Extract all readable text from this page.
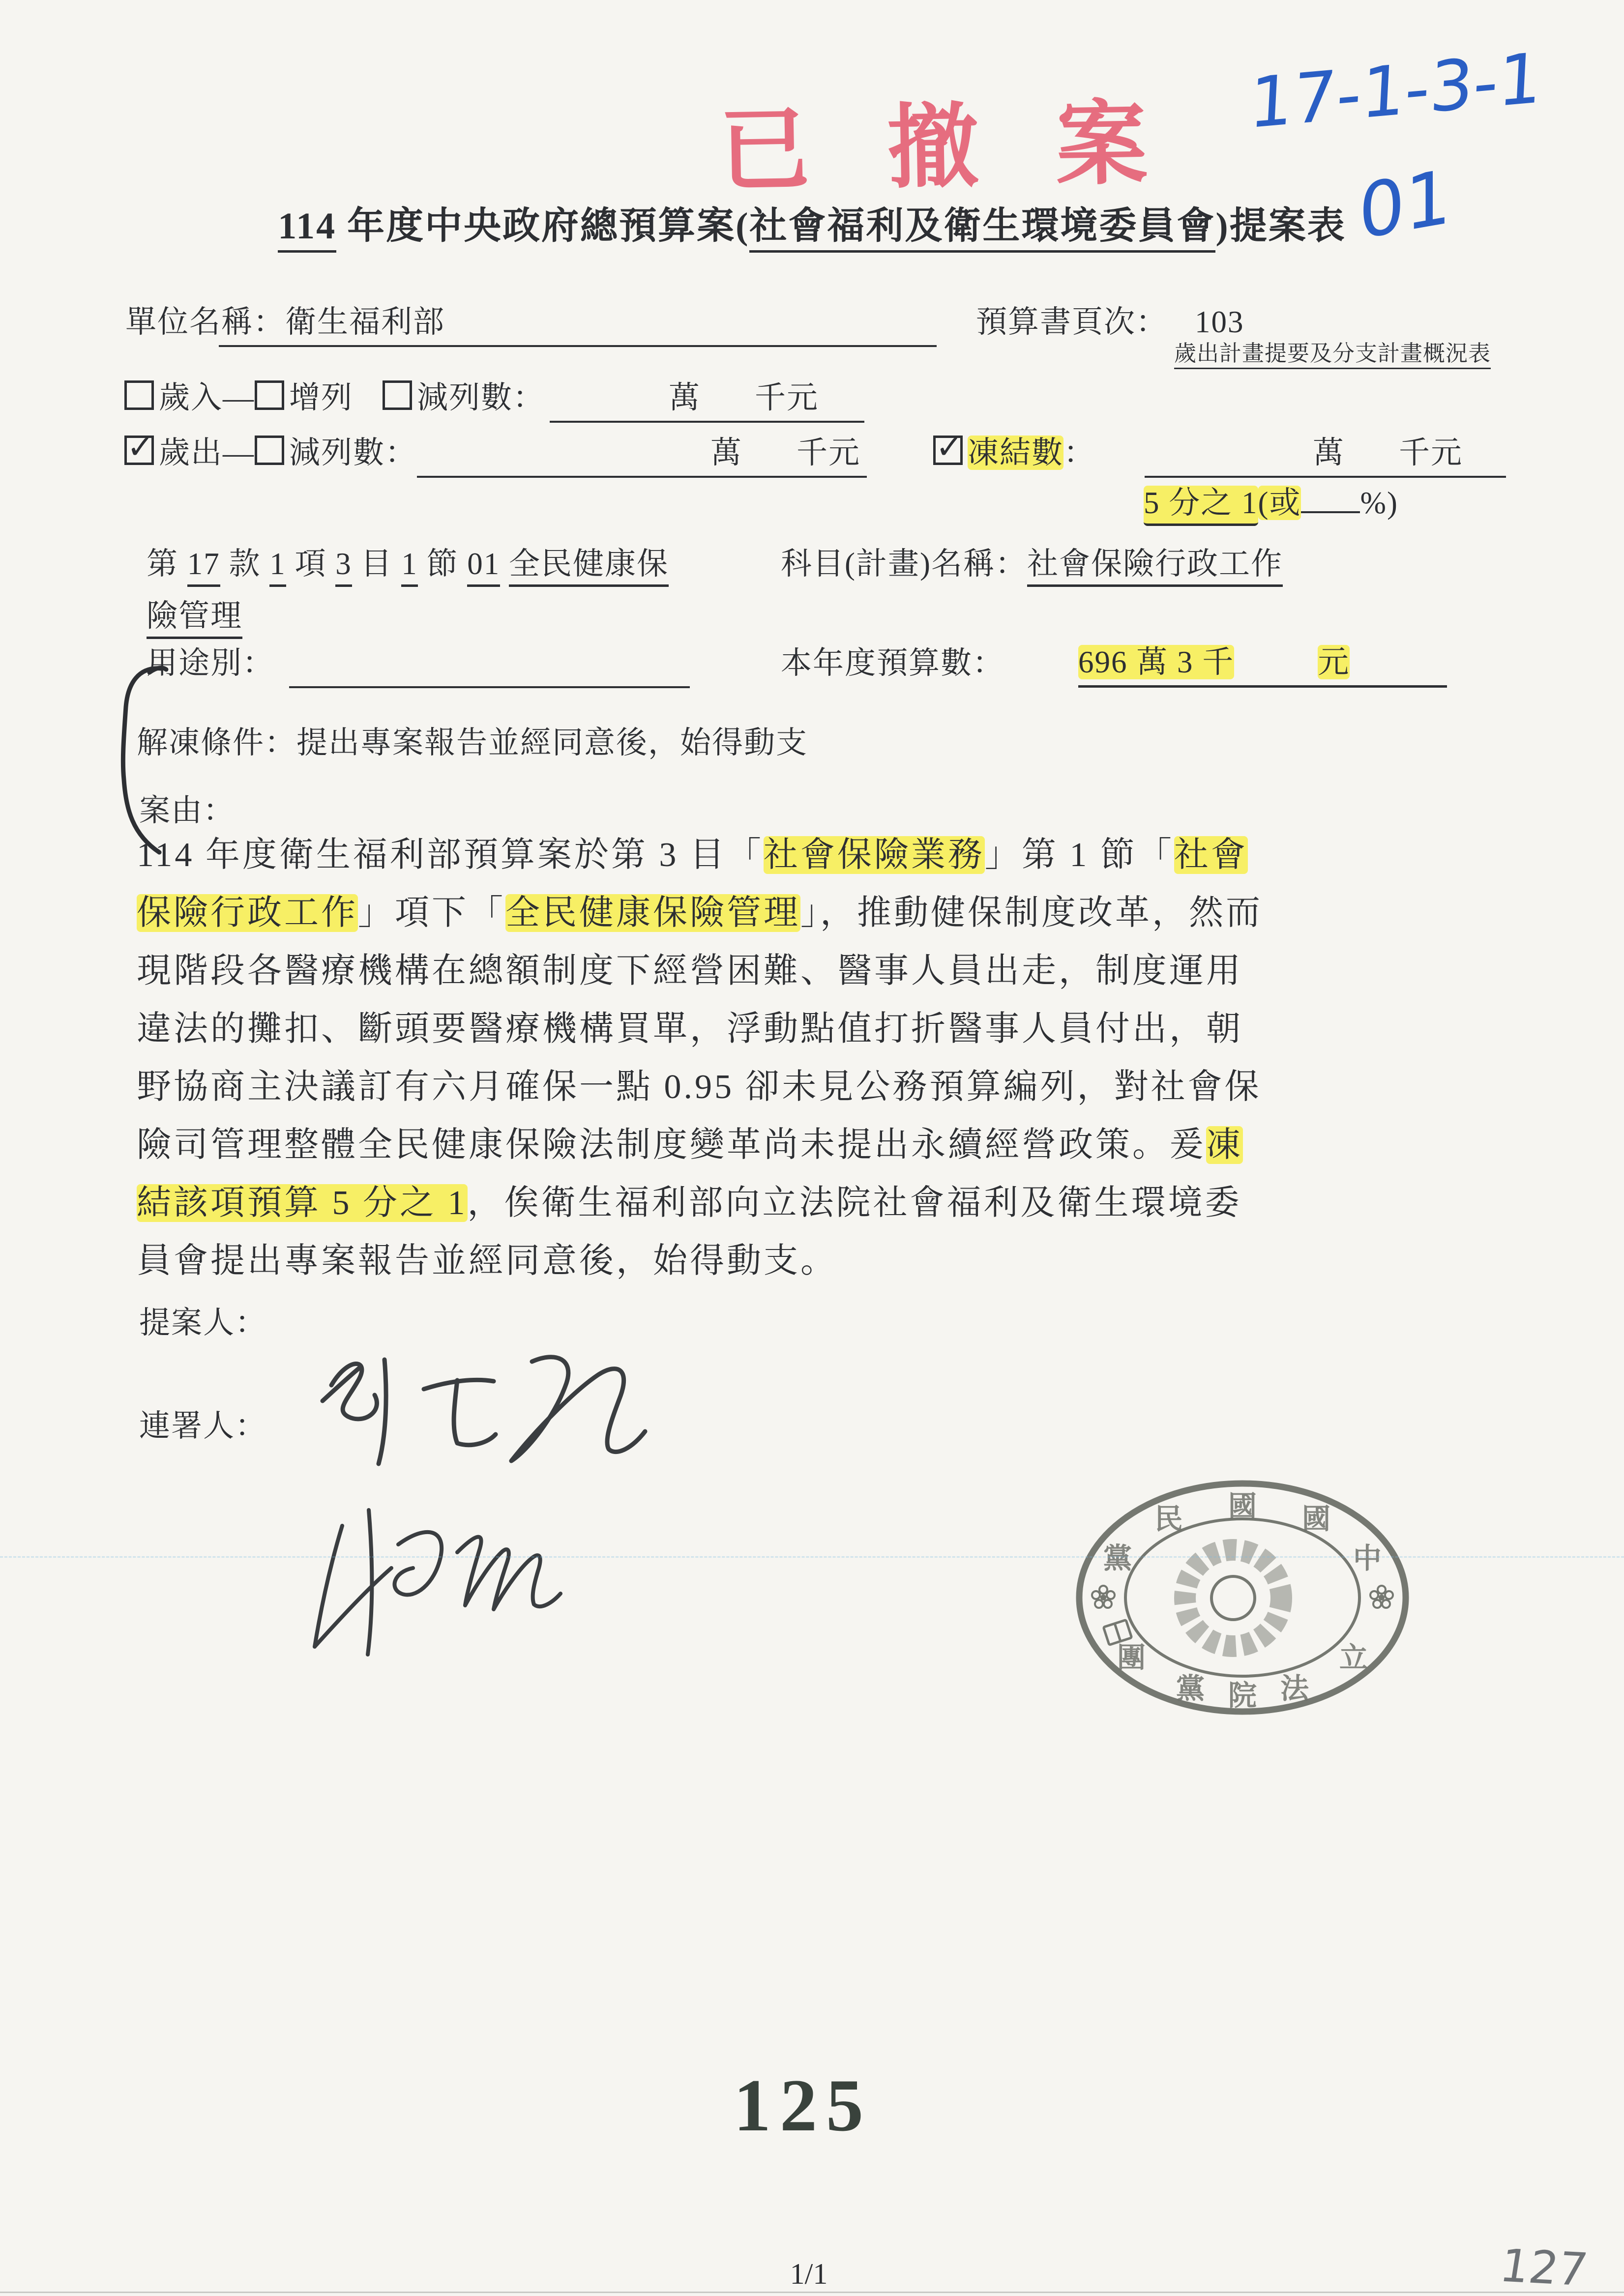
已 撤 案
17-1-3-1
01
114 年度中央政府總預算案(社會福利及衛生環境委員會)提案表
單位名稱：衛生福利部	預算書頁次： 103
歲出計畫提要及分支計畫概況表
歲入— 增列 減列數：	萬 千元
✓ 歲出— 減列數：	萬 千元 ✓ 凍結數：	萬 千元
5 分之 1(或 %)
第 17 款 1 項 3 目 1 節 01 全民健康保
險管理
科目(計畫)名稱：社會保險行政工作
用途別：	本年度預算數： 696 萬 3 千	元
解凍條件：提出專案報告並經同意後，始得動支
案由：
114 年度衛生福利部預算案於第 3 目「社會保險業務」第 1 節「社會
保險行政工作」項下「全民健康保險管理」，推動健保制度改革，然而
現階段各醫療機構在總額制度下經營困難、醫事人員出走，制度運用
違法的攤扣、斷頭要醫療機構買單，浮動點值打折醫事人員付出，朝
野協商主決議訂有六月確保一點 0.95 卻未見公務預算編列，對社會保
險司管理整體全民健康保險法制度變革尚未提出永續經營政策。爰凍
結該項預算 5 分之 1，俟衛生福利部向立法院社會福利及衛生環境委
員會提出專案報告並經同意後，始得動支。
提案人：
連署人：
黨
民 國 國
中
團
黨 院 法
立
125
1/1	127
